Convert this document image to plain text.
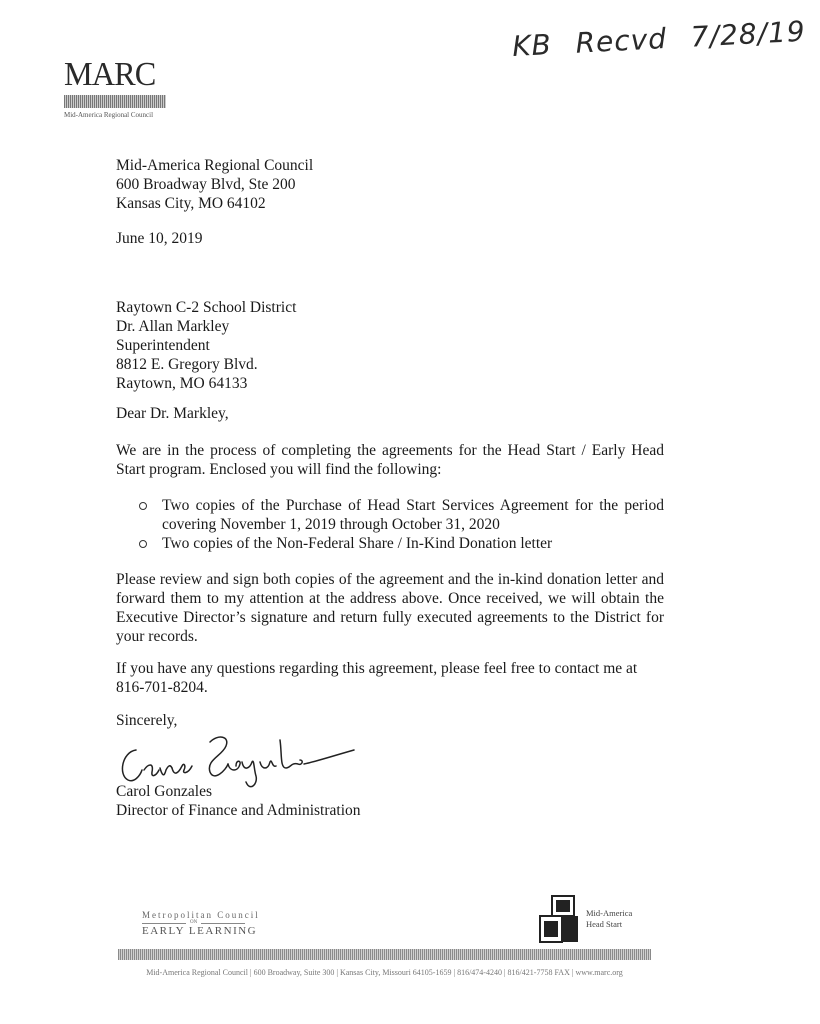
MARC
Mid-America Regional Council
KB Recvd 7/28/19
Mid-America Regional Council
600 Broadway Blvd, Ste 200
Kansas City, MO 64102
June 10, 2019
Raytown C-2 School District
Dr. Allan Markley
Superintendent
8812 E. Gregory Blvd.
Raytown, MO 64133
Dear Dr. Markley,
We are in the process of completing the agreements for the Head Start / Early Head Start program. Enclosed you will find the following:
Two copies of the Purchase of Head Start Services Agreement for the period covering November 1, 2019 through October 31, 2020
Two copies of the Non-Federal Share / In-Kind Donation letter
Please review and sign both copies of the agreement and the in-kind donation letter and forward them to my attention at the address above. Once received, we will obtain the Executive Director’s signature and return fully executed agreements to the District for your records.
If you have any questions regarding this agreement, please feel free to contact me at
816-701-8204.
Sincerely,
Carol Gonzales
Director of Finance and Administration
Metropolitan Council
ON
EARLY LEARNING
Mid-America
Head Start
Mid-America Regional Council | 600 Broadway, Suite 300 | Kansas City, Missouri 64105-1659 | 816/474-4240 | 816/421-7758 FAX | www.marc.org
